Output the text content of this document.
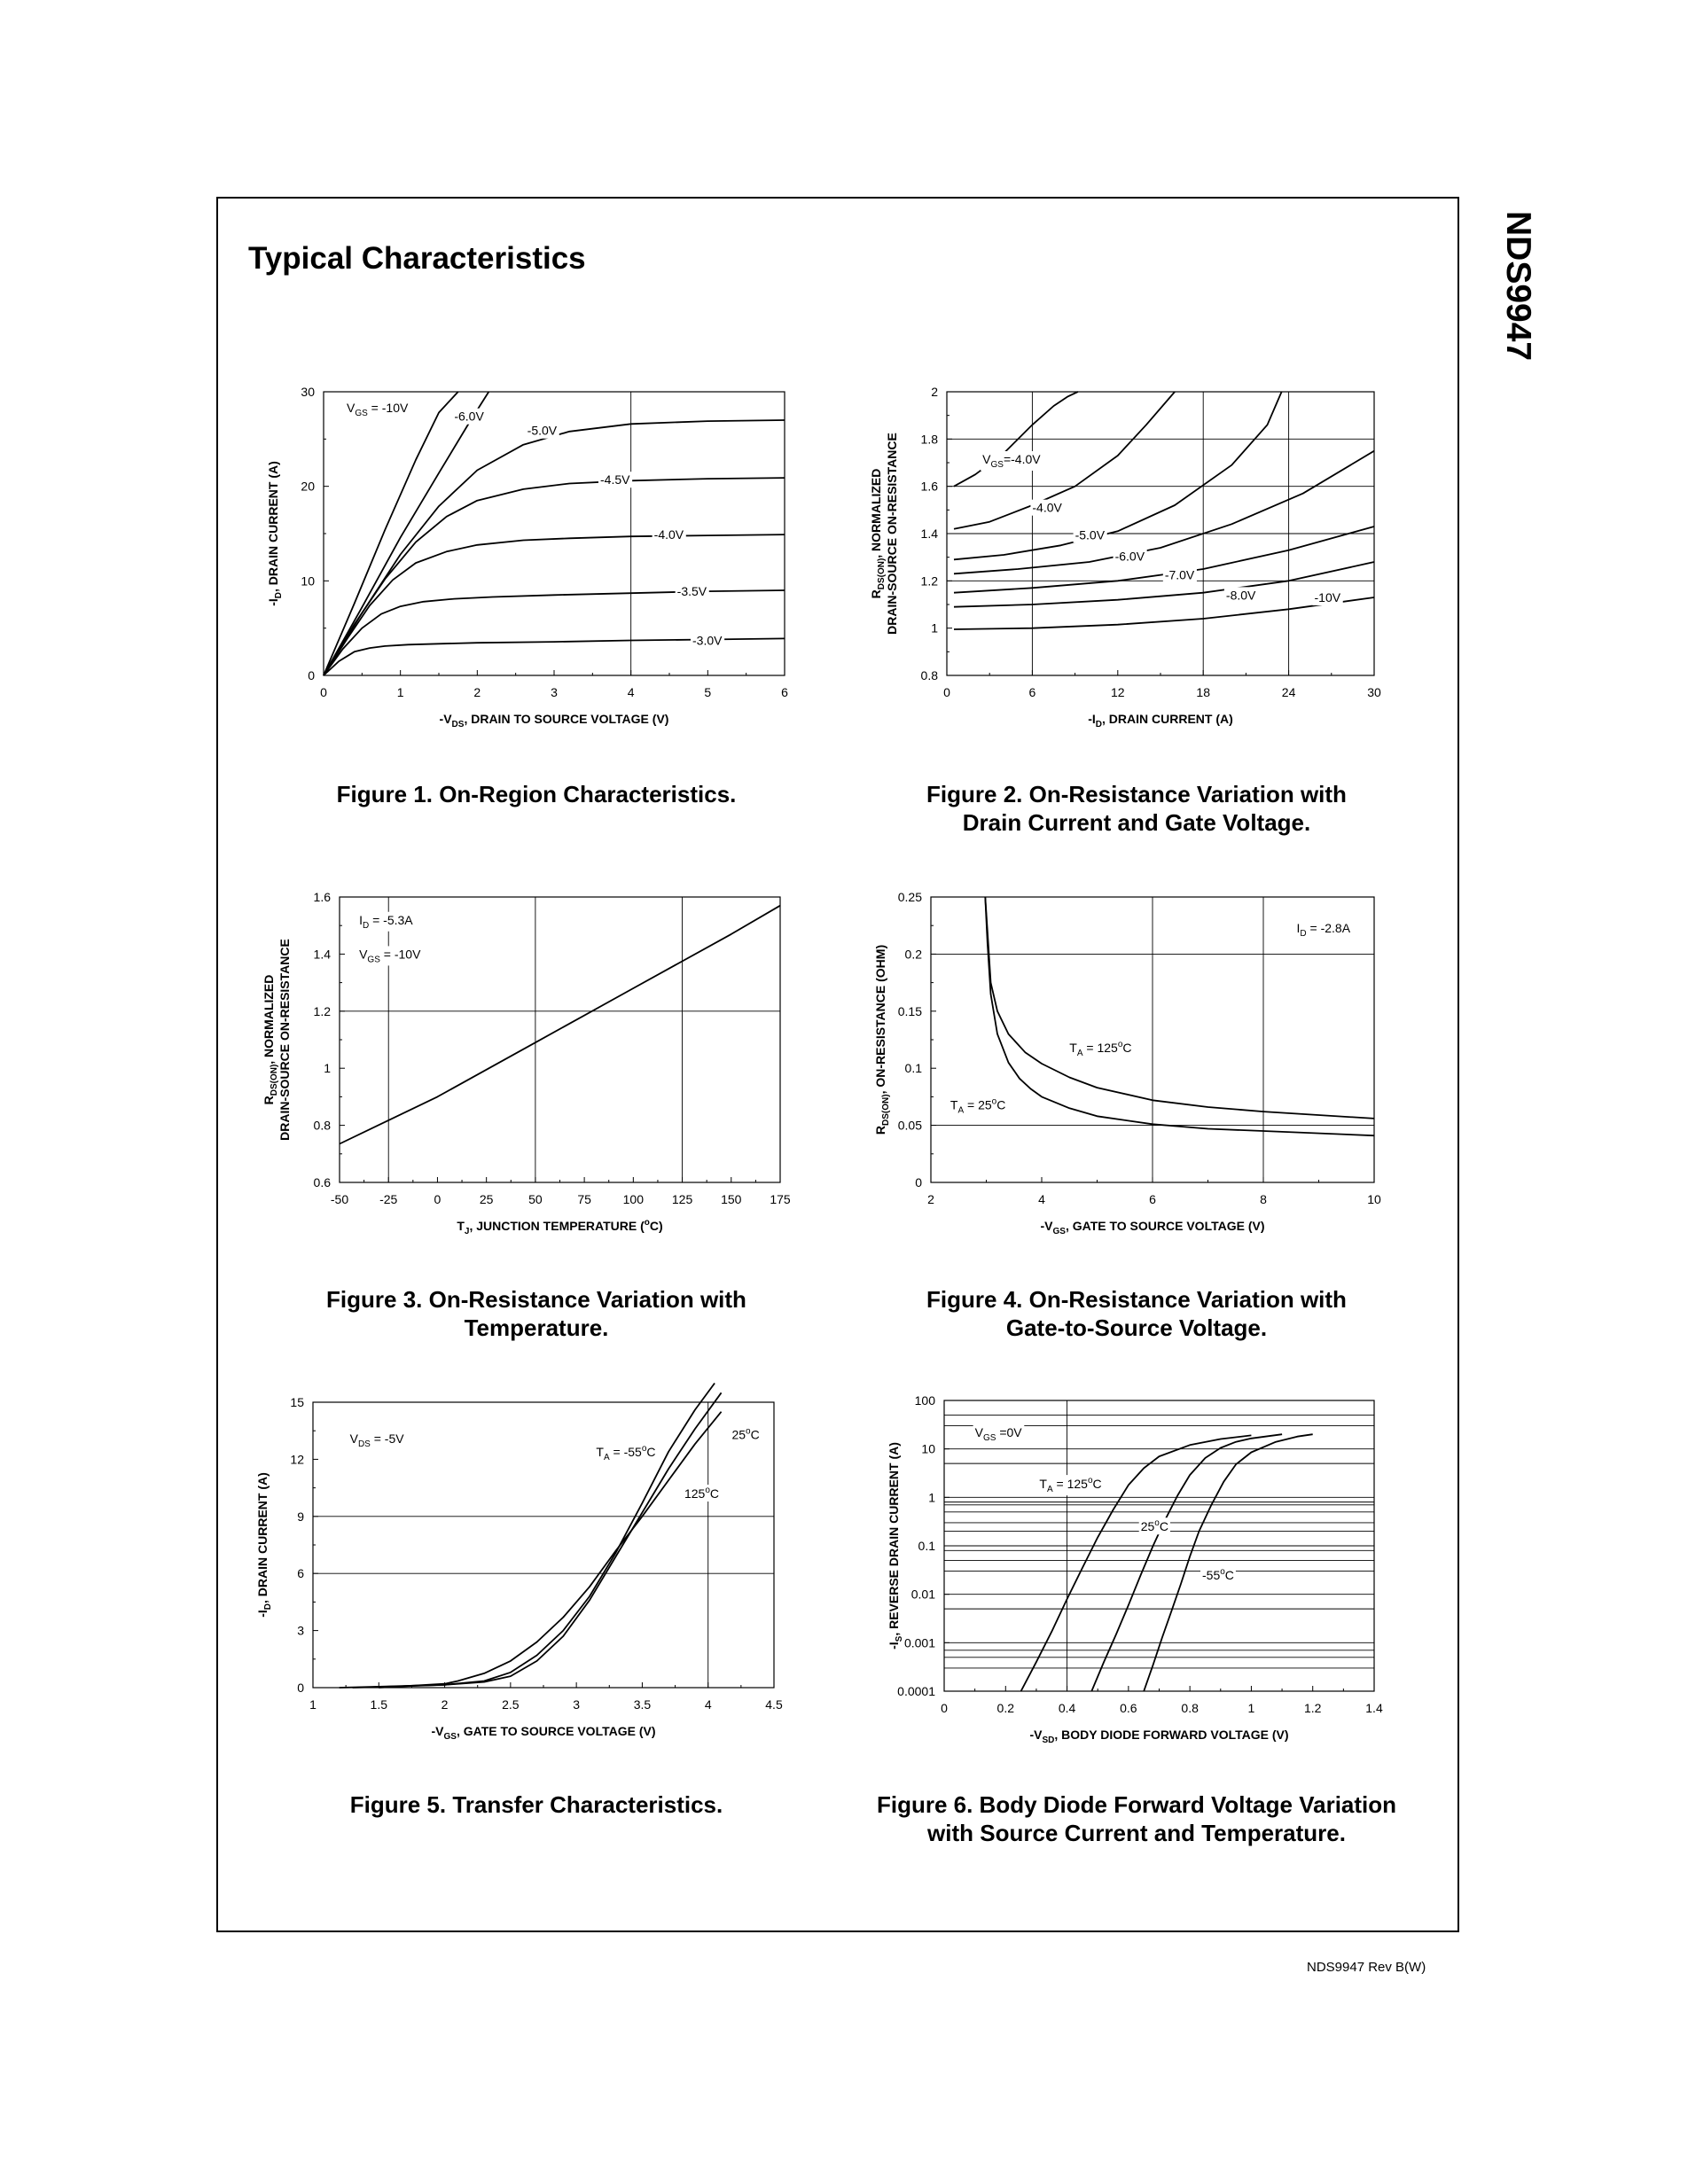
Typical Characteristics	NDS9947
NDS9947 Rev B(W)
0	1	2	3	4	5	6
0
10
20
30
$V_{GS} = -10V$
-6.0V
-5.0V
-4.5V
-4.0V
-3.5V
-3.0V
$-V_{DS}$, DRAIN TO SOURCE VOLTAGE (V)
$-I_D$, DRAIN CURRENT (A)
0	6	12	18	24	30
0.8
1
1.2
1.4
1.6
1.8
2
$V_{GS}=-4.0V$
-4.0V
-5.0V
-6.0V
-7.0V
-8.0V	-10V
$-I_D$, DRAIN CURRENT (A)
$R_{DS(ON)}$, NORMALIZED DRAIN-SOURCE ON-RESISTANCE
-50 -25	0	25	50	75	100 125 150 175
0.6
0.8
1
1.2
1.4
1.6
$I_D = -5.3A$
$V_{GS} = -10V$
$T_J$, JUNCTION TEMPERATURE ($^o$C)
$R_{DS(ON)}$, NORMALIZED DRAIN-SOURCE ON-RESISTANCE
2	4	6	8	10
0
0.05
0.1
0.15
0.2
0.25
$I_D = -2.8A$
$T_A = 125^oC$
$T_A = 25^oC$
$-V_{GS}$, GATE TO SOURCE VOLTAGE (V)
$R_{DS(ON)}$, ON-RESISTANCE (OHM)
1	1.5	2	2.5	3	3.5	4	4.5
0
3
6
9
12
15
$V_{DS} = -5V$
$T_A = -55^oC$
25$^o$C
125$^o$C
$-V_{GS}$, GATE TO SOURCE VOLTAGE (V)
$-I_D$, DRAIN CURRENT (A)
0	0.2	0.4	0.6	0.8	1	1.2	1.4
0.0001
0.001
0.01
0.1
1
10
100
$V_{GS} =0V$
$T_A = 125^oC$
25$^o$C
-55$^o$C
$-V_{SD}$, BODY DIODE FORWARD VOLTAGE (V)
$-I_S$, REVERSE DRAIN CURRENT (A)
Figure 1. On-Region Characteristics.	Figure 2. On-Resistance Variation with
Drain Current and Gate Voltage.
Figure 3. On-Resistance Variation with
Temperature.
Figure 4. On-Resistance Variation with
Gate-to-Source Voltage.
Figure 5. Transfer Characteristics.	Figure 6. Body Diode Forward Voltage Variation
with Source Current and Temperature.
